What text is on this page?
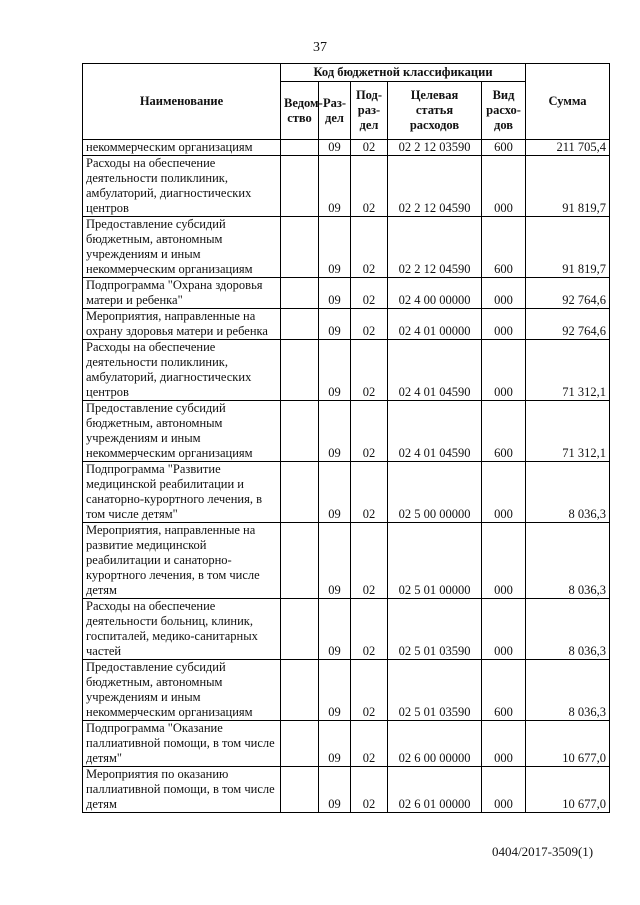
37
Наименование	Код бюджетной классификации					Сумма
	Ведом-ство	Раз-дел	Под-раз-дел	Целевая статья расходов	Вид расхо-дов	
некоммерческим организациям		09	02	02 2 12 03590	600	211 705,4
Расходы на обеспечение деятельности поликлиник, амбулаторий, диагностических центров		09	02	02 2 12 04590	000	91 819,7
Предоставление субсидий бюджетным, автономным учреждениям и иным некоммерческим организациям		09	02	02 2 12 04590	600	91 819,7
Подпрограмма "Охрана здоровья матери и ребенка"		09	02	02 4 00 00000	000	92 764,6
Мероприятия, направленные на охрану здоровья матери и ребенка		09	02	02 4 01 00000	000	92 764,6
Расходы на обеспечение деятельности поликлиник, амбулаторий, диагностических центров		09	02	02 4 01 04590	000	71 312,1
Предоставление субсидий бюджетным, автономным учреждениям и иным некоммерческим организациям		09	02	02 4 01 04590	600	71 312,1
Подпрограмма "Развитие медицинской реабилитации и санаторно-курортного лечения, в том числе детям"		09	02	02 5 00 00000	000	8 036,3
Мероприятия, направленные на развитие медицинской реабилитации и санаторно-курортного лечения, в том числе детям		09	02	02 5 01 00000	000	8 036,3
Расходы на обеспечение деятельности больниц, клиник, госпиталей, медико-санитарных частей		09	02	02 5 01 03590	000	8 036,3
Предоставление субсидий бюджетным, автономным учреждениям и иным некоммерческим организациям		09	02	02 5 01 03590	600	8 036,3
Подпрограмма "Оказание паллиативной помощи, в том числе детям"		09	02	02 6 00 00000	000	10 677,0
Мероприятия по оказанию паллиативной помощи, в том числе детям		09	02	02 6 01 00000	000	10 677,0
0404/2017-3509(1)
